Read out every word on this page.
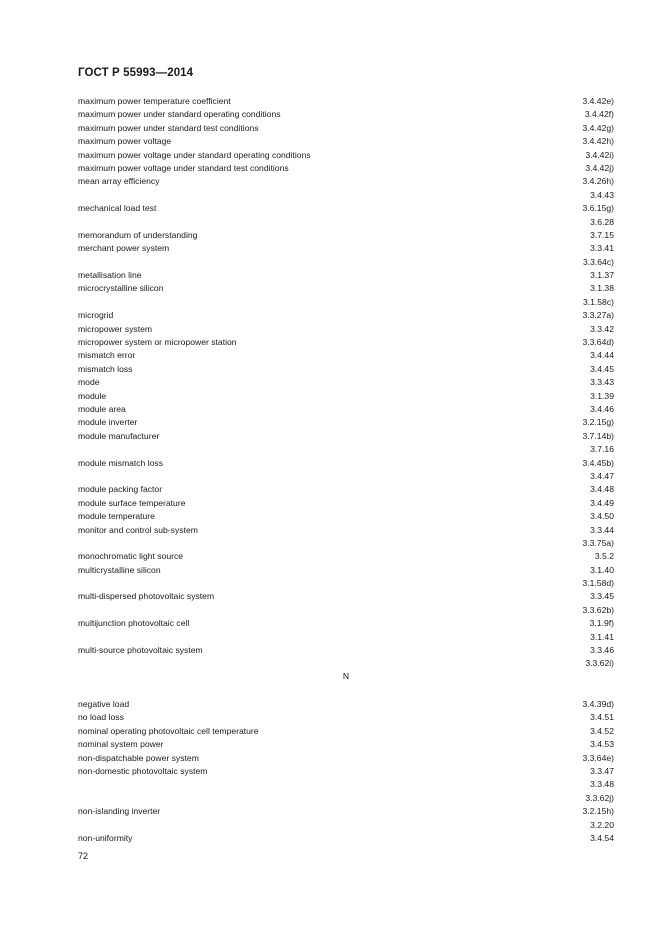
ГОСТ Р 55993—2014
maximum power temperature coefficient	3.4.42e)
maximum power under standard operating conditions	3.4.42f)
maximum power under standard test conditions	3.4.42g)
maximum power voltage	3.4.42h)
maximum power voltage under standard operating conditions	3.4.42i)
maximum power voltage under standard test conditions	3.4.42j)
mean array efficiency	3.4.26h)
3.4.43
mechanical load test	3.6.15g)
3.6.28
memorandum of understanding	3.7.15
merchant power system	3.3.41
3.3.64c)
metallisation line	3.1.37
microcrystalline silicon	3.1.38
3.1.58c)
microgrid	3.3.27a)
micropower system	3.3.42
micropower system or micropower station	3.3.64d)
mismatch error	3.4.44
mismatch loss	3.4.45
mode	3.3.43
module	3.1.39
module area	3.4.46
module inverter	3.2.15g)
module manufacturer	3.7.14b)
3.7.16
module mismatch loss	3.4.45b)
3.4.47
module packing factor	3.4.48
module surface temperature	3.4.49
module temperature	3.4.50
monitor and control sub-system	3.3.44
3.3.75a)
monochromatic light source	3.5.2
multicrystalline silicon	3.1.40
3.1.58d)
multi-dispersed photovoltaic system	3.3.45
3.3.62b)
multijunction photovoltaic cell	3.1.9f)
3.1.41
multi-source photovoltaic system	3.3.46
3.3.62i)
N
negative load	3.4.39d)
no load loss	3.4.51
nominal operating photovoltaic cell temperature	3.4.52
nominal system power	3.4.53
non-dispatchable power system	3.3.64e)
non-domestic photovoltaic system	3.3.47
3.3.48
3.3.62j)
non-islanding inverter	3.2.15h)
3.2.20
non-uniformity	3.4.54
72
